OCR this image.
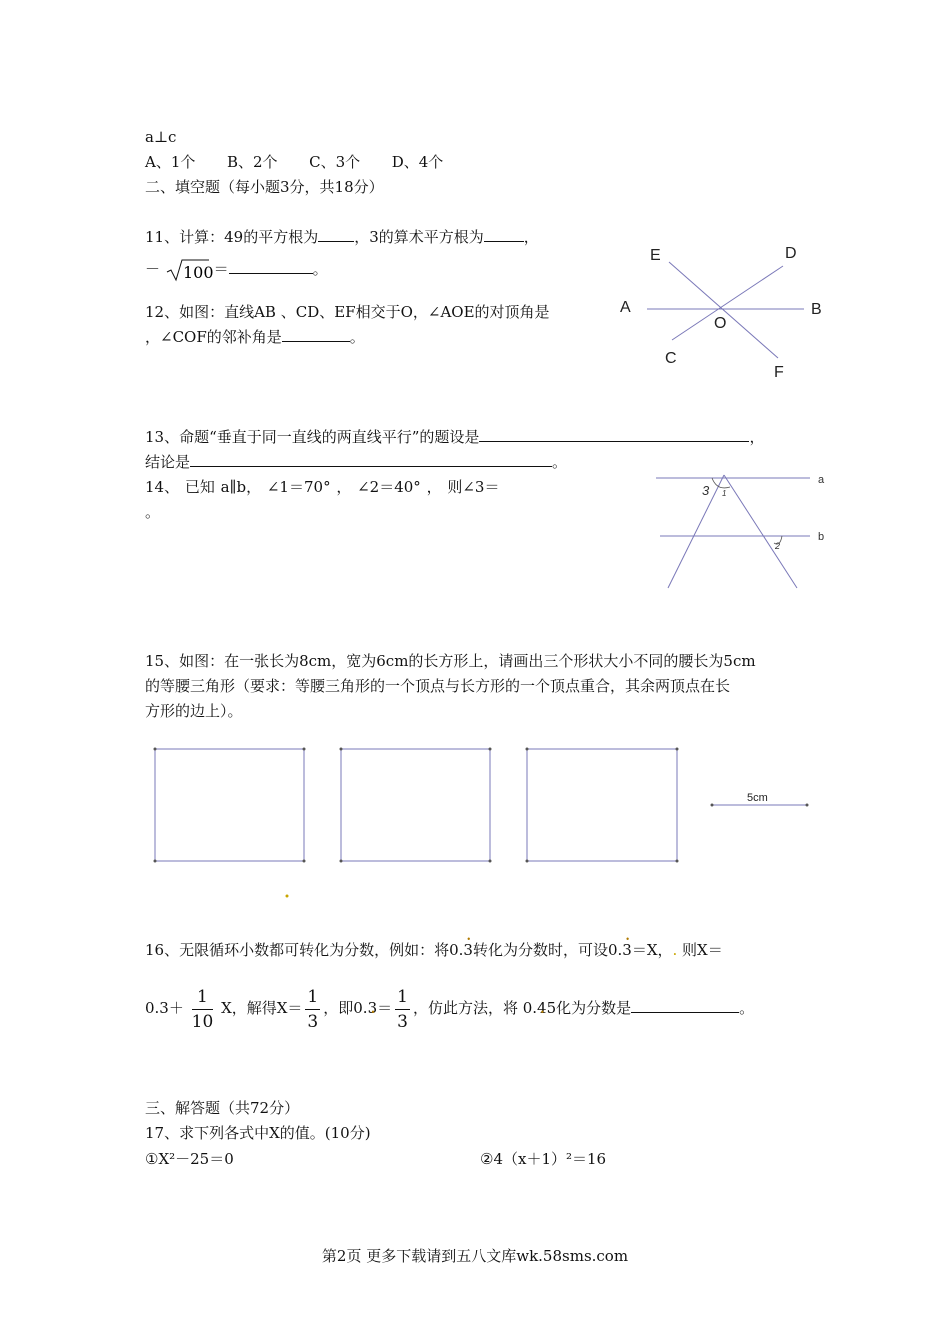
a⊥c
A、1个 B、2个 C、3个 D、4个
二、填空题（每小题3分，共18分）
11、计算：49的平方根为 ，3的算术平方根为	，
－ 100 ＝	。
12、如图：直线AB 、CD、EF相交于O，∠AOE的对顶角是
，∠COF的邻补角是	。
E	D
A	B
O
C
F
13、命题“垂直于同一直线的两直线平行”的题设是	，
结论是	。
14、 已知 a∥b， ∠1＝70° ， ∠2＝40° ， 则∠3＝
。
a
b
3 1
2
15、如图：在一张长为8cm，宽为6cm的长方形上，请画出三个形状大小不同的腰长为5cm
的等腰三角形（要求：等腰三角形的一个顶点与长方形的一个顶点重合，其余两顶点在长
方形的边上）。
5cm
16、无限循环小数都可转化为分数，例如：将0.• 3转化为分数时，可设0.• 3＝X，. 则X＝
$0.3+ \frac{1}{10}$ X，解得$X= \frac{1}{3}$ ，即0.• $3= \frac{1}{3}$ ，仿此方法，将 0.• 45化为分数是	。
三、解答题（共72分）
17、求下列各式中X的值。(10分)
①X²－25＝0	②4（x＋1）²＝16
第2页 更多下载请到五八文库wk.58sms.com
